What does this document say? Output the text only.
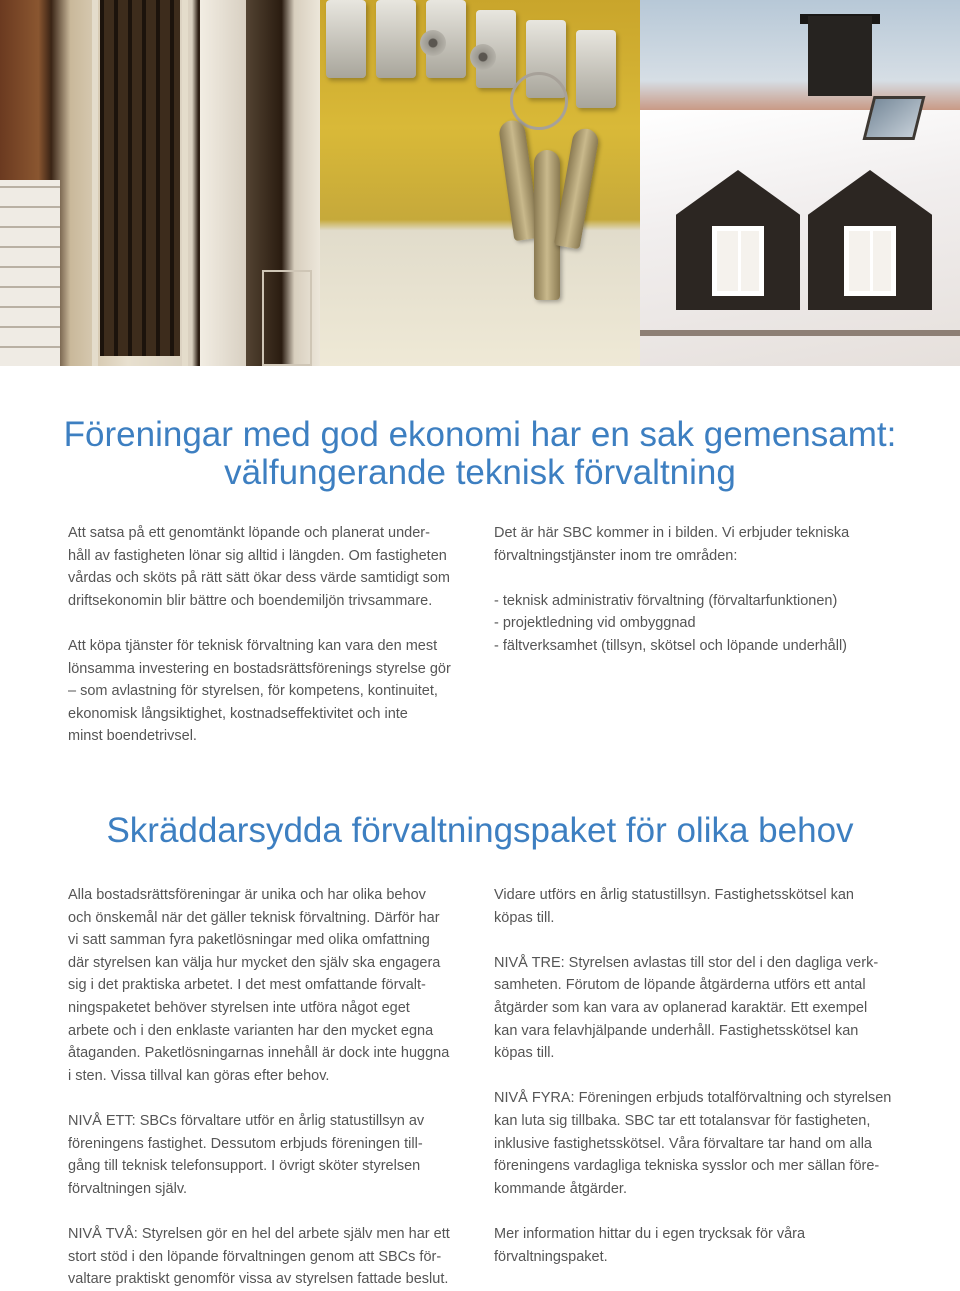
Föreningar med god ekonomi har en sak gemensamt:
välfungerande teknisk förvaltning

Att satsa på ett genomtänkt löpande och planerat under-
håll av fastigheten lönar sig alltid i längden. Om fastigheten
vårdas och sköts på rätt sätt ökar dess värde samtidigt som
driftsekonomin blir bättre och boendemiljön trivsammare.

Att köpa tjänster för teknisk förvaltning kan vara den mest
lönsamma investering en bostadsrättsförenings styrelse gör
– som avlastning för styrelsen, för kompetens, kontinuitet,
ekonomisk långsiktighet, kostnadseffektivitet och inte
minst boendetrivsel.

Det är här SBC kommer in i bilden. Vi erbjuder tekniska
förvaltningstjänster inom tre områden:

- teknisk administrativ förvaltning (förvaltarfunktionen)
- projektledning vid ombyggnad
- fältverksamhet (tillsyn, skötsel och löpande underhåll)
Skräddarsydda förvaltningspaket för olika behov

Alla bostadsrättsföreningar är unika och har olika behov
och önskemål när det gäller teknisk förvaltning. Därför har
vi satt samman fyra paketlösningar med olika omfattning
där styrelsen kan välja hur mycket den själv ska engagera
sig i det praktiska arbetet. I det mest omfattande förvalt-
ningspaketet behöver styrelsen inte utföra något eget
arbete och i den enklaste varianten har den mycket egna
åtaganden. Paketlösningarnas innehåll är dock inte huggna
i sten. Vissa tillval kan göras efter behov.

NIVÅ ETT: SBCs förvaltare utför en årlig statustillsyn av
föreningens fastighet. Dessutom erbjuds föreningen till-
gång till teknisk telefonsupport. I övrigt sköter styrelsen
förvaltningen själv.

NIVÅ TVÅ: Styrelsen gör en hel del arbete själv men har ett
stort stöd i den löpande förvaltningen genom att SBCs för-
valtare praktiskt genomför vissa av styrelsen fattade beslut.

Vidare utförs en årlig statustillsyn. Fastighetsskötsel kan
köpas till.

NIVÅ TRE: Styrelsen avlastas till stor del i den dagliga verk-
samheten. Förutom de löpande åtgärderna utförs ett antal
åtgärder som kan vara av oplanerad karaktär. Ett exempel
kan vara felavhjälpande underhåll. Fastighetsskötsel kan
köpas till.

NIVÅ FYRA: Föreningen erbjuds totalförvaltning och styrelsen
kan luta sig tillbaka. SBC tar ett totalansvar för fastigheten,
inklusive fastighetsskötsel. Våra förvaltare tar hand om alla
föreningens vardagliga tekniska sysslor och mer sällan före-
kommande åtgärder.

Mer information hittar du i egen trycksak för våra
förvaltningspaket.
